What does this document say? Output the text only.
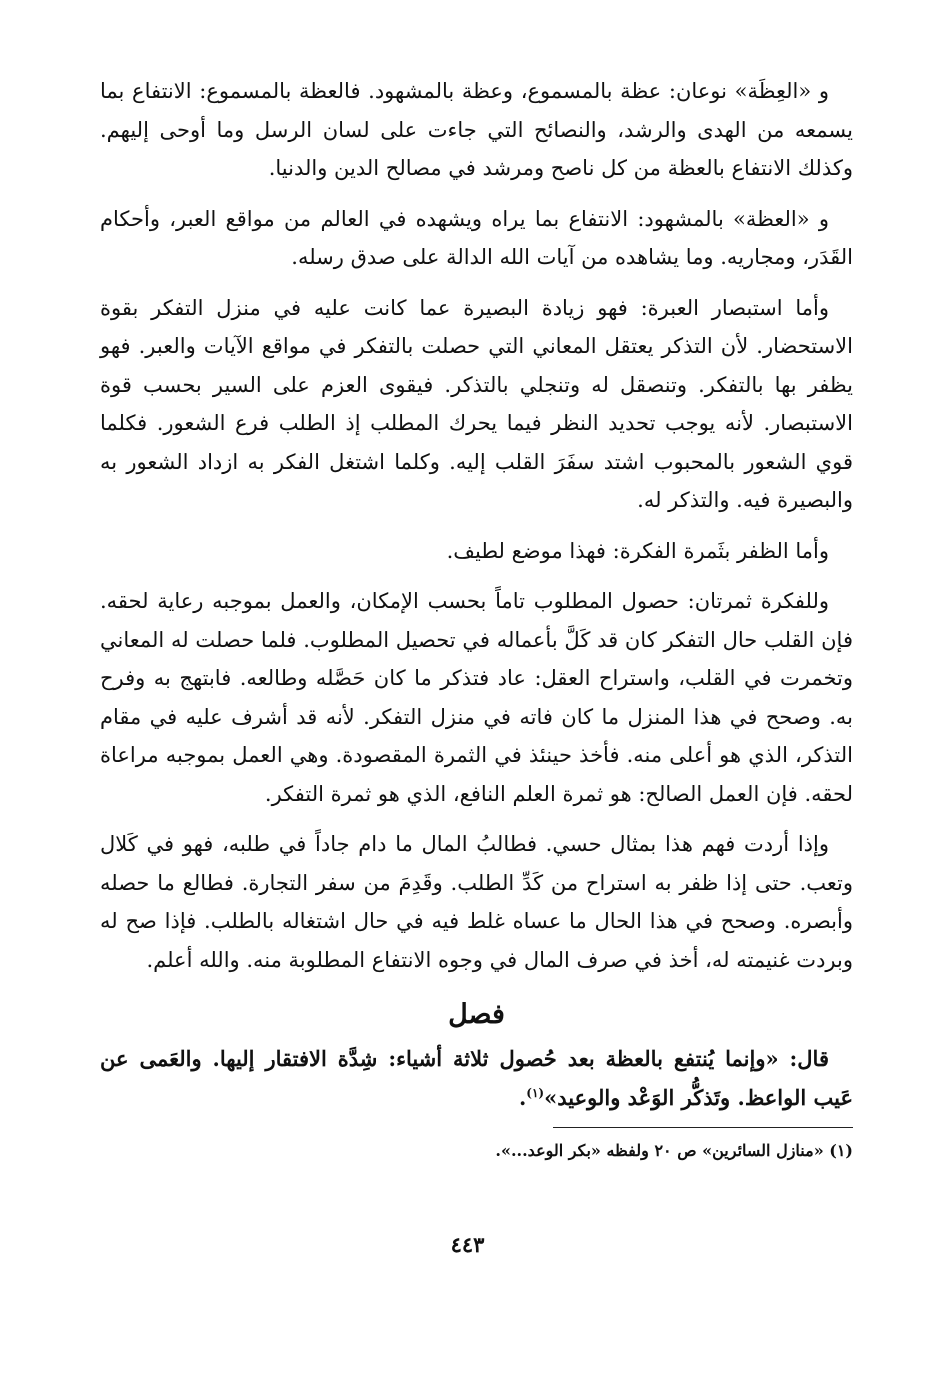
و «العِظَة» نوعان: عظة بالمسموع، وعظة بالمشهود. فالعظة بالمسموع: الانتفاع بما يسمعه من الهدى والرشد، والنصائح التي جاءت على لسان الرسل وما أوحى إليهم. وكذلك الانتفاع بالعظة من كل ناصح ومرشد في مصالح الدين والدنيا.

و «العظة» بالمشهود: الانتفاع بما يراه ويشهده في العالم من مواقع العبر، وأحكام القَدَر، ومجاريه. وما يشاهده من آيات الله الدالة على صدق رسله.

وأما استبصار العبرة: فهو زيادة البصيرة عما كانت عليه في منزل التفكر بقوة الاستحضار. لأن التذكر يعتقل المعاني التي حصلت بالتفكر في مواقع الآيات والعبر. فهو يظفر بها بالتفكر. وتنصقل له وتنجلي بالتذكر. فيقوى العزم على السير بحسب قوة الاستبصار. لأنه يوجب تحديد النظر فيما يحرك المطلب إذ الطلب فرع الشعور. فكلما قوي الشعور بالمحبوب اشتد سفَرَ القلب إليه. وكلما اشتغل الفكر به ازداد الشعور به والبصيرة فيه. والتذكر له.

وأما الظفر بثَمرة الفكرة: فهذا موضع لطيف.

وللفكرة ثمرتان: حصول المطلوب تاماً بحسب الإمكان، والعمل بموجبه رعاية لحقه. فإن القلب حال التفكر كان قد كَلَّ بأعماله في تحصيل المطلوب. فلما حصلت له المعاني وتخمرت في القلب، واستراح العقل: عاد فتذكر ما كان حَصَّله وطالعه. فابتهج به وفرح به. وصحح في هذا المنزل ما كان فاته في منزل التفكر. لأنه قد أشرف عليه في مقام التذكر، الذي هو أعلى منه. فأخذ حينئذ في الثمرة المقصودة. وهي العمل بموجبه مراعاة لحقه. فإن العمل الصالح: هو ثمرة العلم النافع، الذي هو ثمرة التفكر.

وإذا أردت فهم هذا بمثال حسي. فطالبُ المال ما دام جاداً في طلبه، فهو في كَلال وتعب. حتى إذا ظفر به استراح من كَدِّ الطلب. وقَدِمَ من سفر التجارة. فطالع ما حصله وأبصره. وصحح في هذا الحال ما عساه غلط فيه في حال اشتغاله بالطلب. فإذا صح له وبردت غنيمته له، أخذ في صرف المال في وجوه الانتفاع المطلوبة منه. والله أعلم.

فصل

قال: «وإنما يُنتفع بالعظة بعد حُصول ثلاثة أشياء: شِدَّة الافتقار إليها. والعَمى عن عَيب الواعظ. وتَذكُّر الوَعْد والوعيد»$^{(١)}$.

(١) «منازل السائرين» ص ٢٠ ولفظه «بكر الوعد...».

٤٤٣
